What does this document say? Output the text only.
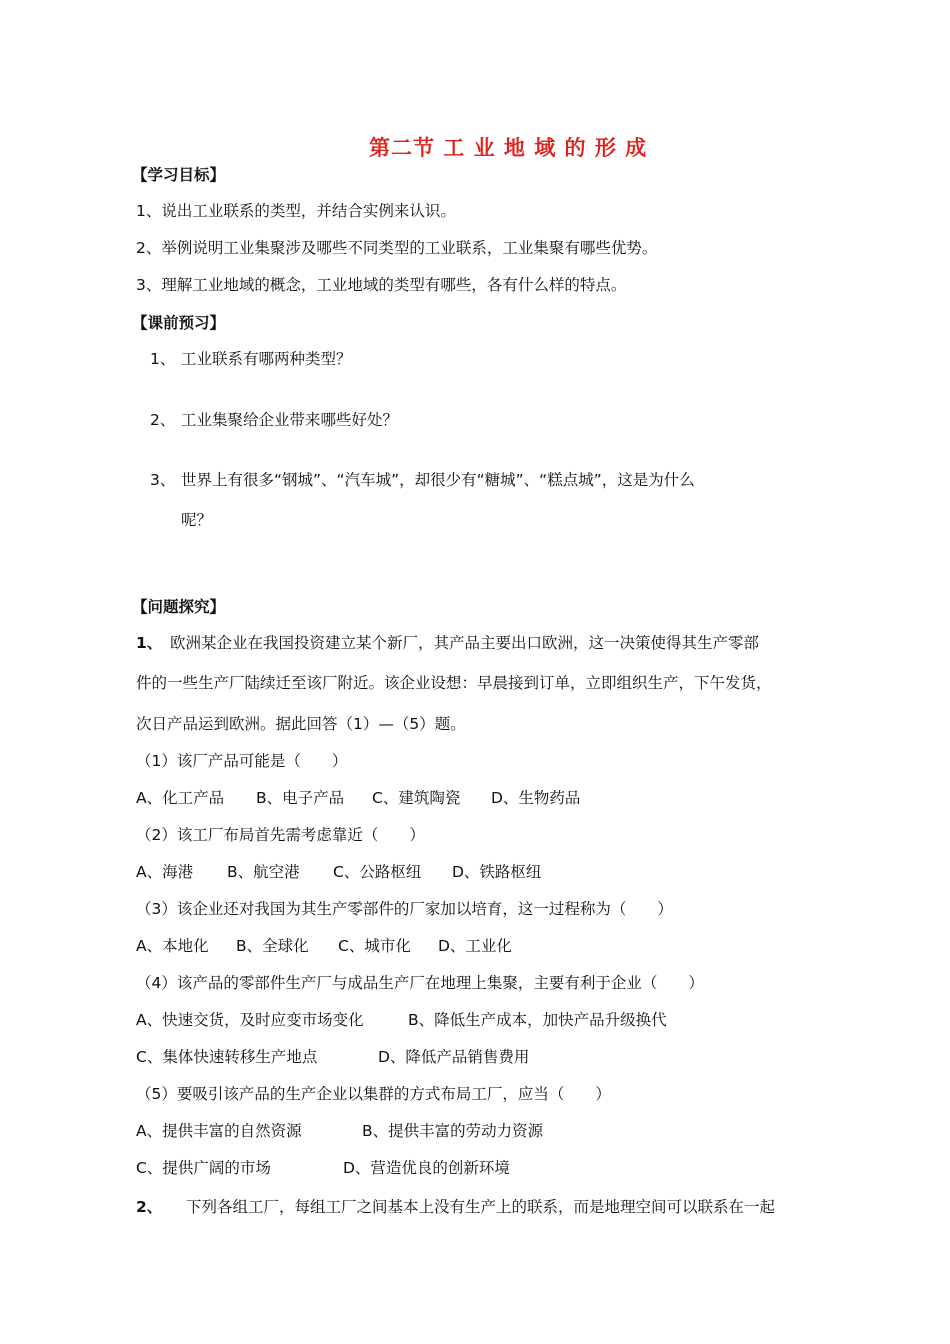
第二节 工 业 地 域 的 形 成
【学习目标】
1、说出工业联系的类型，并结合实例来认识。
2、举例说明工业集聚涉及哪些不同类型的工业联系，工业集聚有哪些优势。
3、理解工业地域的概念，工业地域的类型有哪些，各有什么样的特点。
【课前预习】
1、 工业联系有哪两种类型？
2、 工业集聚给企业带来哪些好处？
3、 世界上有很多“钢城”、“汽车城”，却很少有“糖城”、“糕点城”，这是为什么
呢？
【问题探究】
1、 欧洲某企业在我国投资建立某个新厂，其产品主要出口欧洲，这一决策使得其生产零部
件的一些生产厂陆续迁至该厂附近。该企业设想：早晨接到订单，立即组织生产，下午发货，
次日产品运到欧洲。据此回答（1）—（5）题。
（1）该厂产品可能是（　　）
A、化工产品 B、电子产品 C、建筑陶瓷 D、生物药品
（2）该工厂布局首先需考虑靠近（　　）
A、海港 B、航空港 C、公路枢纽 D、铁路枢纽
（3）该企业还对我国为其生产零部件的厂家加以培育，这一过程称为（　　）
A、本地化 B、全球化 C、城市化 D、工业化
（4）该产品的零部件生产厂与成品生产厂在地理上集聚，主要有利于企业（　　）
A、快速交货，及时应变市场变化	B、降低生产成本，加快产品升级换代
C、集体快速转移生产地点	D、降低产品销售费用
（5）要吸引该产品的生产企业以集群的方式布局工厂，应当（　　）
A、提供丰富的自然资源	B、提供丰富的劳动力资源
C、提供广阔的市场	D、营造优良的创新环境
2、 下列各组工厂，每组工厂之间基本上没有生产上的联系，而是地理空间可以联系在一起
